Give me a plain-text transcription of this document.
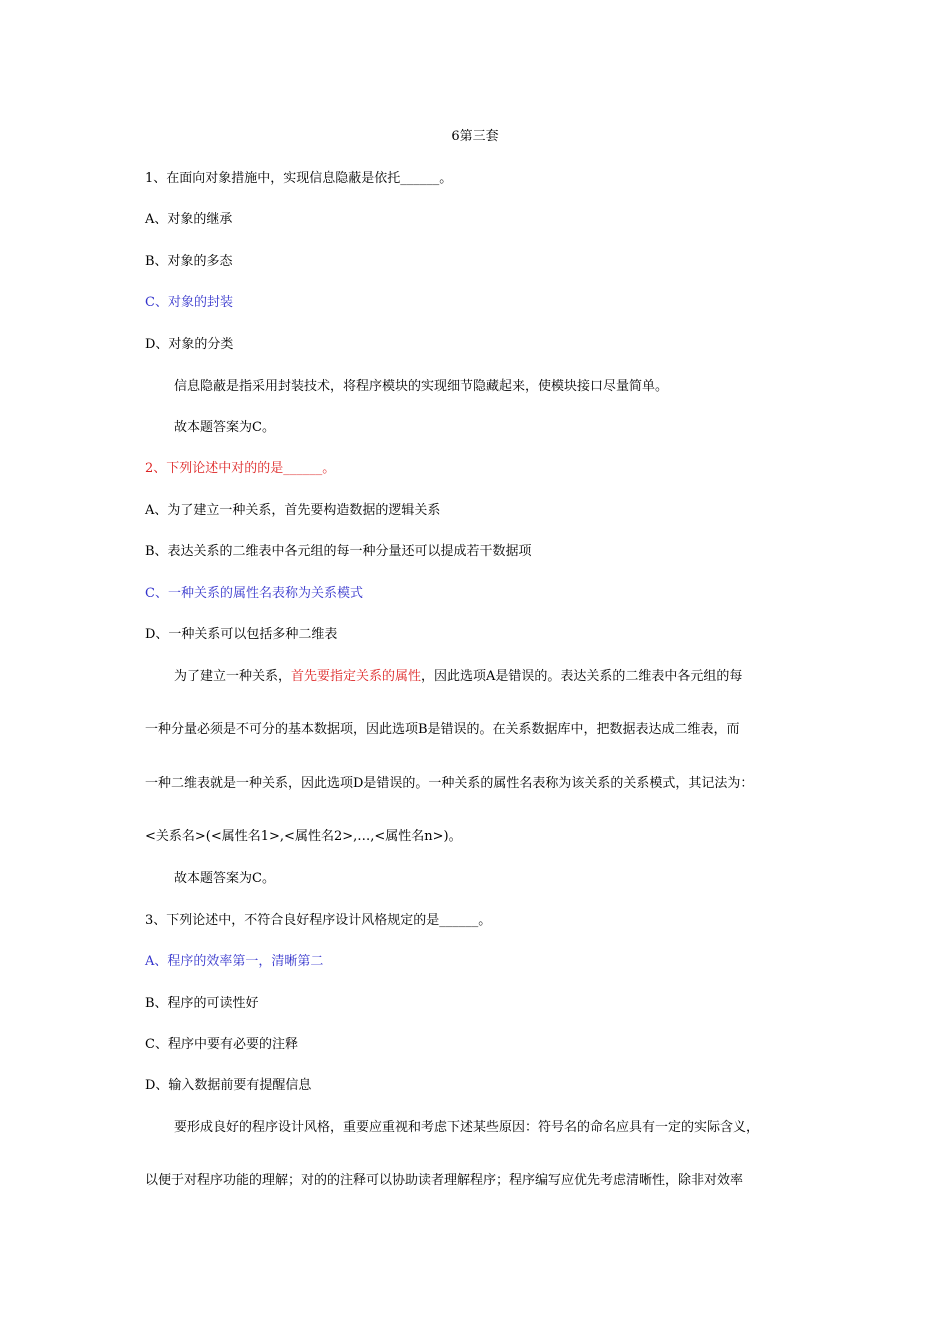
6第三套
1、在面向对象措施中，实现信息隐蔽是依托______。
A、对象的继承
B、对象的多态
C、对象的封装
D、对象的分类
信息隐蔽是指采用封装技术，将程序模块的实现细节隐藏起来，使模块接口尽量简单。
故本题答案为C。
2、下列论述中对的的是______。
A、为了建立一种关系，首先要构造数据的逻辑关系
B、表达关系的二维表中各元组的每一种分量还可以提成若干数据项
C、一种关系的属性名表称为关系模式
D、一种关系可以包括多种二维表
为了建立一种关系，首先要指定关系的属性，因此选项A是错误的。表达关系的二维表中各元组的每
一种分量必须是不可分的基本数据项，因此选项B是错误的。在关系数据库中，把数据表达成二维表，而
一种二维表就是一种关系，因此选项D是错误的。一种关系的属性名表称为该关系的关系模式，其记法为：
<关系名>(<属性名1>,<属性名2>,…,<属性名n>)。
故本题答案为C。
3、下列论述中，不符合良好程序设计风格规定的是______。
A、程序的效率第一，清晰第二
B、程序的可读性好
C、程序中要有必要的注释
D、输入数据前要有提醒信息
要形成良好的程序设计风格，重要应重视和考虑下述某些原因：符号名的命名应具有一定的实际含义，
以便于对程序功能的理解；对的的注释可以协助读者理解程序；程序编写应优先考虑清晰性，除非对效率
